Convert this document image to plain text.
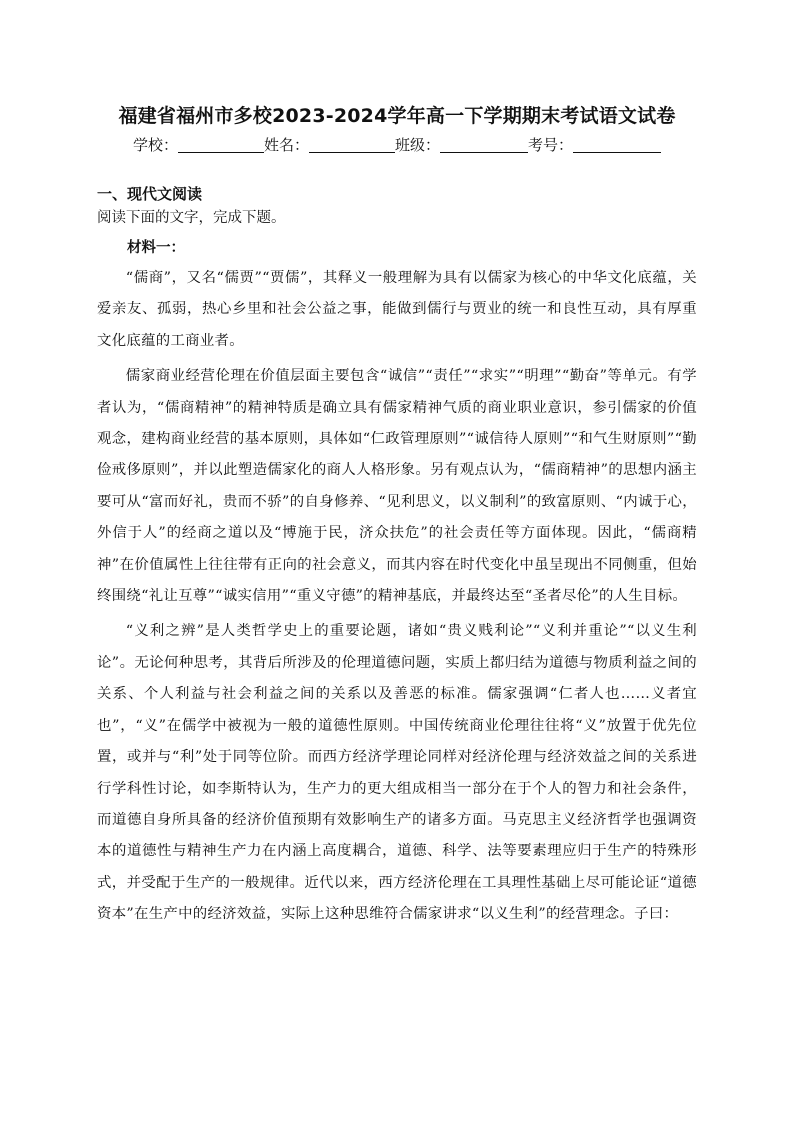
福建省福州市多校2023-2024学年高一下学期期末考试语文试卷
学校：	姓名：	班级：	考号：
一、现代文阅读
阅读下面的文字，完成下题。
材料一：

“儒商”，又名“儒贾”“贾儒”，其释义一般理解为具有以儒家为核心的中华文化底蕴，关爱亲友、孤弱，热心乡里和社会公益之事，能做到儒行与贾业的统一和良性互动，具有厚重文化底蕴的工商业者。

儒家商业经营伦理在价值层面主要包含“诚信”“责任”“求实”“明理”“勤奋”等单元。有学者认为，“儒商精神”的精神特质是确立具有儒家精神气质的商业职业意识，参引儒家的价值观念，建构商业经营的基本原则，具体如“仁政管理原则”“诚信待人原则”“和气生财原则”“勤俭戒侈原则”，并以此塑造儒家化的商人人格形象。另有观点认为，“儒商精神”的思想内涵主要可从“富而好礼，贵而不骄”的自身修养、“见利思义，以义制利”的致富原则、“内诚于心，外信于人”的经商之道以及“博施于民，济众扶危”的社会责任等方面体现。因此，“儒商精神”在价值属性上往往带有正向的社会意义，而其内容在时代变化中虽呈现出不同侧重，但始终围绕“礼让互尊”“诚实信用”“重义守德”的精神基底，并最终达至“圣者尽伦”的人生目标。

“义利之辨”是人类哲学史上的重要论题，诸如“贵义贱利论”“义利并重论”“以义生利论”。无论何种思考，其背后所涉及的伦理道德问题，实质上都归结为道德与物质利益之间的关系、个人利益与社会利益之间的关系以及善恶的标准。儒家强调“仁者人也……义者宜也”，“义”在儒学中被视为一般的道德性原则。中国传统商业伦理往往将“义”放置于优先位置，或并与“利”处于同等位阶。而西方经济学理论同样对经济伦理与经济效益之间的关系进行学科性讨论，如李斯特认为，生产力的更大组成相当一部分在于个人的智力和社会条件，而道德自身所具备的经济价值预期有效影响生产的诸多方面。马克思主义经济哲学也强调资本的道德性与精神生产力在内涵上高度耦合，道德、科学、法等要素理应归于生产的特殊形式，并受配于生产的一般规律。近代以来，西方经济伦理在工具理性基础上尽可能论证“道德资本”在生产中的经济效益，实际上这种思维符合儒家讲求“以义生利”的经营理念。子曰：
